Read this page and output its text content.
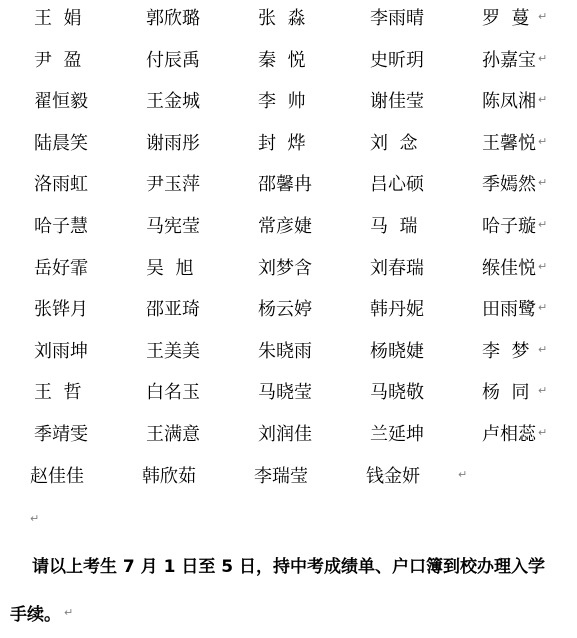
王  娟	郭欣璐	张  淼	李雨晴	罗  蔓 ↵
尹  盈	付辰禹	秦  悦	史昕玥	孙嘉宝 ↵
翟恒毅	王金城	李  帅	谢佳莹	陈凤湘 ↵
陆晨笑	谢雨彤	封  烨	刘  念	王馨悦 ↵
洛雨虹	尹玉萍	邵馨冉	吕心硕	季嫣然 ↵
哈子慧	马宪莹	常彦婕	马  瑞	哈子璇 ↵
岳好霏	吴  旭	刘梦含	刘春瑞	缑佳悦 ↵
张铧月	邵亚琦	杨云婷	韩丹妮	田雨鹭 ↵
刘雨坤	王美美	朱晓雨	杨晓婕	李  梦 ↵
王  哲	白名玉	马晓莹	马晓敬	杨  同 ↵
季靖雯	王满意	刘润佳	兰延坤	卢相蕊 ↵
赵佳佳	韩欣茹	李瑞莹	钱金妍	↵
↵
请以上考生 7 月 1 日至 5 日，持中考成绩单、户口簿到校办理入学
手续。 ↵
